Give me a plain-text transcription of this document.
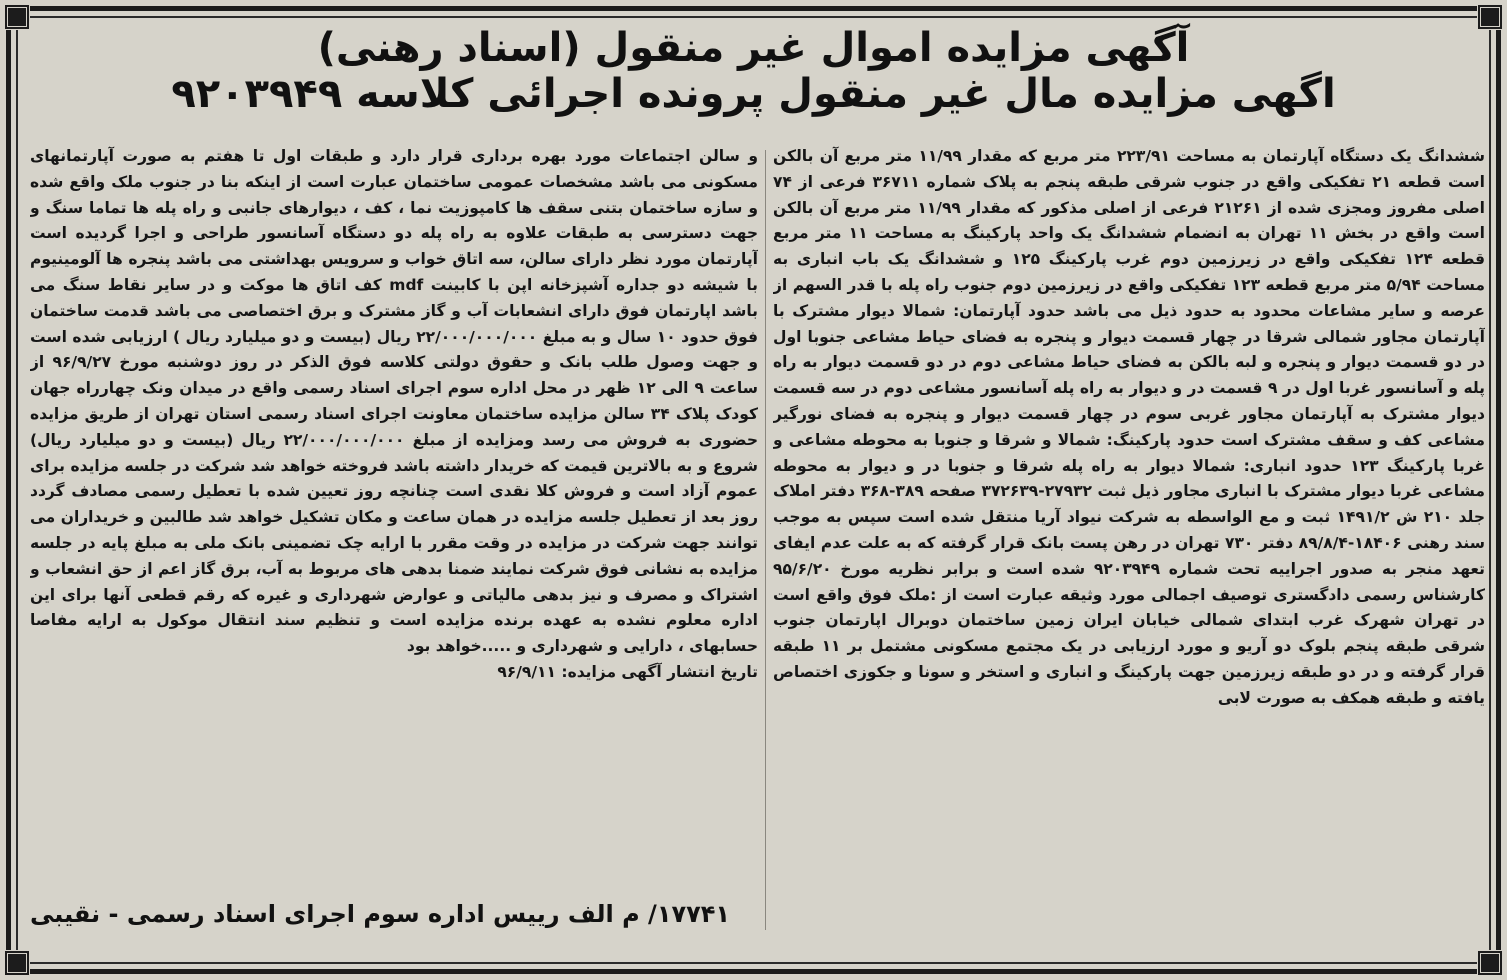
آگهی مزایده اموال غیر منقول (اسناد رهنی)
اگهی مزایده مال غیر منقول پرونده اجرائی کلاسه ۹۲۰۳۹۴۹

ششدانگ یک دستگاه آپارتمان به مساحت ۲۲۳/۹۱ متر مربع که مقدار ۱۱/۹۹ متر مربع آن بالکن است قطعه ۲۱ تفکیکی واقع در جنوب شرقی طبقه پنجم به پلاک شماره ۳۶۷۱۱ فرعی از ۷۴ اصلی مفروز ومجزی شده از ۲۱۲۶۱ فرعی از اصلی مذکور که مقدار ۱۱/۹۹ متر مربع آن بالکن است واقع در بخش ۱۱ تهران به انضمام ششدانگ یک واحد پارکینگ به مساحت ۱۱ متر مربع قطعه ۱۲۴ تفکیکی واقع در زیرزمین دوم غرب پارکینگ ۱۲۵ و ششدانگ یک باب انباری به مساحت ۵/۹۴ متر مربع قطعه ۱۲۳ تفکیکی واقع در زیرزمین دوم جنوب راه پله با قدر السهم از عرصه و سایر مشاعات محدود به حدود ذیل می باشد حدود آپارتمان: شمالا دیوار مشترک با آپارتمان مجاور شمالی شرقا در چهار قسمت دیوار و پنجره به فضای حیاط مشاعی جنوبا اول در دو قسمت دیوار و پنجره و لبه بالکن به فضای حیاط مشاعی دوم در دو قسمت دیوار به راه پله و آسانسور غربا اول در ۹ قسمت در و دیوار به راه پله آسانسور مشاعی دوم در سه قسمت دیوار مشترک به آپارتمان مجاور غربی سوم در چهار قسمت دیوار و پنجره به فضای نورگیر مشاعی کف و سقف مشترک است حدود پارکینگ: شمالا و شرقا و جنوبا به محوطه مشاعی و غربا پارکینگ ۱۲۳ حدود انباری: شمالا دیوار به راه پله شرقا و جنوبا در و دیوار به محوطه مشاعی غربا دیوار مشترک با انباری مجاور ذیل ثبت ۲۷۹۳۲-۳۷۲۶۳۹ صفحه ۳۸۹-۳۶۸ دفتر املاک جلد ۲۱۰ ش ۱۴۹۱/۲ ثبت و مع الواسطه به شرکت نیواد آریا منتقل شده است سپس به موجب سند رهنی ۱۸۴۰۶-۸۹/۸/۴ دفتر ۷۳۰ تهران در رهن پست بانک قرار گرفته که به علت عدم ایفای تعهد منجر به صدور اجراییه تحت شماره ۹۲۰۳۹۴۹ شده است و برابر نظریه مورخ ۹۵/۶/۲۰ کارشناس رسمی دادگستری توصیف اجمالی مورد وثیقه عبارت است از :ملک فوق واقع است در تهران شهرک غرب ابتدای شمالی خیابان ایران زمین ساختمان دوبرال اپارتمان جنوب شرقی طبقه پنجم بلوک دو آریو و مورد ارزیابی در یک مجتمع مسکونی مشتمل بر ۱۱ طبقه قرار گرفته و در دو طبقه زیرزمین جهت پارکینگ و انباری و استخر و سونا و جکوزی اختصاص یافته و طبقه همکف به صورت لابی

و سالن اجتماعات مورد بهره برداری قرار دارد و طبقات اول تا هفتم به صورت آپارتمانهای مسکونی می باشد مشخصات عمومی ساختمان عبارت است از اینکه بنا در جنوب ملک واقع شده و سازه ساختمان بتنی سقف ها کامپوزیت نما ، کف ، دیوارهای جانبی و راه پله ها تماما سنگ و جهت دسترسی به طبقات علاوه به راه پله دو دستگاه آسانسور طراحی و اجرا گردیده است آپارتمان مورد نظر دارای سالن، سه اتاق خواب و سرویس بهداشتی می باشد پنجره ها آلومینیوم با شیشه دو جداره آشپزخانه اپن با کابینت mdf کف اتاق ها موکت و در سایر نقاط سنگ می باشد اپارتمان فوق دارای انشعابات آب و گاز مشترک و برق اختصاصی می باشد قدمت ساختمان فوق حدود ۱۰ سال و به مبلغ ۲۲/۰۰۰/۰۰۰/۰۰۰ ریال (بیست و دو میلیارد ریال ) ارزیابی شده است و جهت وصول طلب بانک و حقوق دولتی کلاسه فوق الذکر در روز دوشنبه مورخ ۹۶/۹/۲۷ از ساعت ۹ الی ۱۲ ظهر در محل اداره سوم اجرای اسناد رسمی واقع در میدان ونک چهارراه جهان کودک پلاک ۳۴ سالن مزایده ساختمان معاونت اجرای اسناد رسمی استان تهران از طریق مزایده حضوری به فروش می رسد ومزایده از مبلغ ۲۲/۰۰۰/۰۰۰/۰۰۰ ریال (بیست و دو میلیارد ریال) شروع و به بالاترین قیمت که خریدار داشته باشد فروخته خواهد شد شرکت در جلسه مزایده برای عموم آزاد است و فروش کلا نقدی است چنانچه روز تعیین شده با تعطیل رسمی مصادف گردد روز بعد از تعطیل جلسه مزایده در همان ساعت و مکان تشکیل خواهد شد طالبین و خریداران می توانند جهت شرکت در مزایده در وقت مقرر با ارایه چک تضمینی بانک ملی به مبلغ پایه در جلسه مزایده به نشانی فوق شرکت نمایند ضمنا بدهی های مربوط به آب، برق گاز اعم از حق انشعاب و اشتراک و مصرف و نیز بدهی مالیاتی و عوارض شهرداری و غیره که رقم قطعی آنها برای این اداره معلوم نشده به عهده برنده مزایده است و تنظیم سند انتقال موکول به ارایه مفاصا حسابهای ، دارایی و شهرداری و .....خواهد بود

تاریخ انتشار آگهی مزایده: ۹۶/۹/۱۱

۱۷۷۴۱/ م الف رییس اداره سوم اجرای اسناد رسمی - نقیبی
